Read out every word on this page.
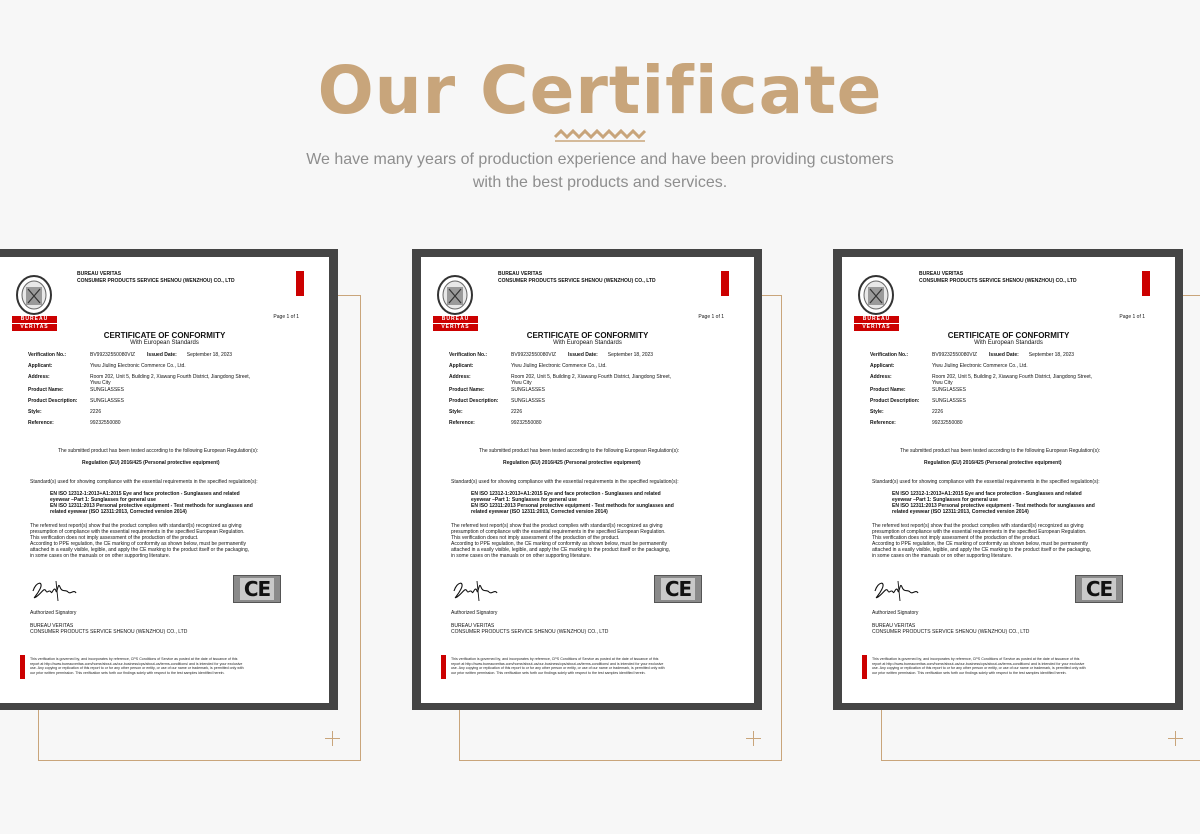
Our Certificate
We have many years of production experience and have been providing customers
with the best products and services.
BUREAU
VERITAS
BUREAU VERITAS
CONSUMER PRODUCTS SERVICE SHENOU (WENZHOU) CO., LTD
Page 1 of 1
CERTIFICATE OF CONFORMITY
With European Standards
Verification No.:	BV99232550080VIZ Issued Date: September 18, 2023
Applicant:	Yiwu Jiuling Electronic Commerce Co., Ltd.
Address:	Room 202, Unit 5, Building 2, Xiawang Fourth District, Jiangdong Street,
Yiwu City
Product Name:	SUNGLASSES
Product Description:	SUNGLASSES
Style:	2226
Reference:	99232550080
The submitted product has been tested according to the following European Regulation(s):
Regulation (EU) 2016/425 (Personal protective equipment)
Standard(s) used for showing compliance with the essential requirements in the specified regulation(s):
EN ISO 12312-1:2013+A1:2015 Eye and face protection - Sunglasses and related
eyewear –Part 1: Sunglasses for general use
EN ISO 12311:2013 Personal protective equipment - Test methods for sunglasses and
related eyewear (ISO 12311:2013, Corrected version 2014)
The referred test report(s) show that the product complies with standard(s) recognized as giving
presumption of compliance with the essential requirements in the specified European Regulation.
This verification does not imply assessment of the production of the product.
According to PPE regulation, the CE marking of conformity as shown below, must be permanently
attached in a easily visible, legible, and apply the CE marking to the product itself or the packaging,
in some cases on the manuals or on other supporting literature.
Authorized Signatory
BUREAU VERITAS
CONSUMER PRODUCTS SERVICE SHENOU (WENZHOU) CO., LTD
CE
This verification is governed by, and incorporates by reference, CPS Conditions of Service as posted at the date of issuance of this
report at http://www.bureauveritas.com/home/about-us/our-business/cps/about-us/terms-conditions/ and is intended for your exclusive
use. Any copying or replication of this report to or for any other person or entity, or use of our name or trademark, is permitted only with
our prior written permission. This verification sets forth our findings solely with respect to the test samples identified herein.
BUREAU
VERITAS
BUREAU VERITAS
CONSUMER PRODUCTS SERVICE SHENOU (WENZHOU) CO., LTD
Page 1 of 1
CERTIFICATE OF CONFORMITY
With European Standards
Verification No.:	BV99232550080VIZ Issued Date: September 18, 2023
Applicant:	Yiwu Jiuling Electronic Commerce Co., Ltd.
Address:	Room 202, Unit 5, Building 2, Xiawang Fourth District, Jiangdong Street,
Yiwu City
Product Name:	SUNGLASSES
Product Description:	SUNGLASSES
Style:	2226
Reference:	99232550080
The submitted product has been tested according to the following European Regulation(s):
Regulation (EU) 2016/425 (Personal protective equipment)
Standard(s) used for showing compliance with the essential requirements in the specified regulation(s):
EN ISO 12312-1:2013+A1:2015 Eye and face protection - Sunglasses and related
eyewear –Part 1: Sunglasses for general use
EN ISO 12311:2013 Personal protective equipment - Test methods for sunglasses and
related eyewear (ISO 12311:2013, Corrected version 2014)
The referred test report(s) show that the product complies with standard(s) recognized as giving
presumption of compliance with the essential requirements in the specified European Regulation.
This verification does not imply assessment of the production of the product.
According to PPE regulation, the CE marking of conformity as shown below, must be permanently
attached in a easily visible, legible, and apply the CE marking to the product itself or the packaging,
in some cases on the manuals or on other supporting literature.
Authorized Signatory
BUREAU VERITAS
CONSUMER PRODUCTS SERVICE SHENOU (WENZHOU) CO., LTD
CE
This verification is governed by, and incorporates by reference, CPS Conditions of Service as posted at the date of issuance of this
report at http://www.bureauveritas.com/home/about-us/our-business/cps/about-us/terms-conditions/ and is intended for your exclusive
use. Any copying or replication of this report to or for any other person or entity, or use of our name or trademark, is permitted only with
our prior written permission. This verification sets forth our findings solely with respect to the test samples identified herein.
BUREAU
VERITAS
BUREAU VERITAS
CONSUMER PRODUCTS SERVICE SHENOU (WENZHOU) CO., LTD
Page 1 of 1
CERTIFICATE OF CONFORMITY
With European Standards
Verification No.:	BV99232550080VIZ Issued Date: September 18, 2023
Applicant:	Yiwu Jiuling Electronic Commerce Co., Ltd.
Address:	Room 202, Unit 5, Building 2, Xiawang Fourth District, Jiangdong Street,
Yiwu City
Product Name:	SUNGLASSES
Product Description:	SUNGLASSES
Style:	2226
Reference:	99232550080
The submitted product has been tested according to the following European Regulation(s):
Regulation (EU) 2016/425 (Personal protective equipment)
Standard(s) used for showing compliance with the essential requirements in the specified regulation(s):
EN ISO 12312-1:2013+A1:2015 Eye and face protection - Sunglasses and related
eyewear –Part 1: Sunglasses for general use
EN ISO 12311:2013 Personal protective equipment - Test methods for sunglasses and
related eyewear (ISO 12311:2013, Corrected version 2014)
The referred test report(s) show that the product complies with standard(s) recognized as giving
presumption of compliance with the essential requirements in the specified European Regulation.
This verification does not imply assessment of the production of the product.
According to PPE regulation, the CE marking of conformity as shown below, must be permanently
attached in a easily visible, legible, and apply the CE marking to the product itself or the packaging,
in some cases on the manuals or on other supporting literature.
Authorized Signatory
BUREAU VERITAS
CONSUMER PRODUCTS SERVICE SHENOU (WENZHOU) CO., LTD
CE
This verification is governed by, and incorporates by reference, CPS Conditions of Service as posted at the date of issuance of this
report at http://www.bureauveritas.com/home/about-us/our-business/cps/about-us/terms-conditions/ and is intended for your exclusive
use. Any copying or replication of this report to or for any other person or entity, or use of our name or trademark, is permitted only with
our prior written permission. This verification sets forth our findings solely with respect to the test samples identified herein.
